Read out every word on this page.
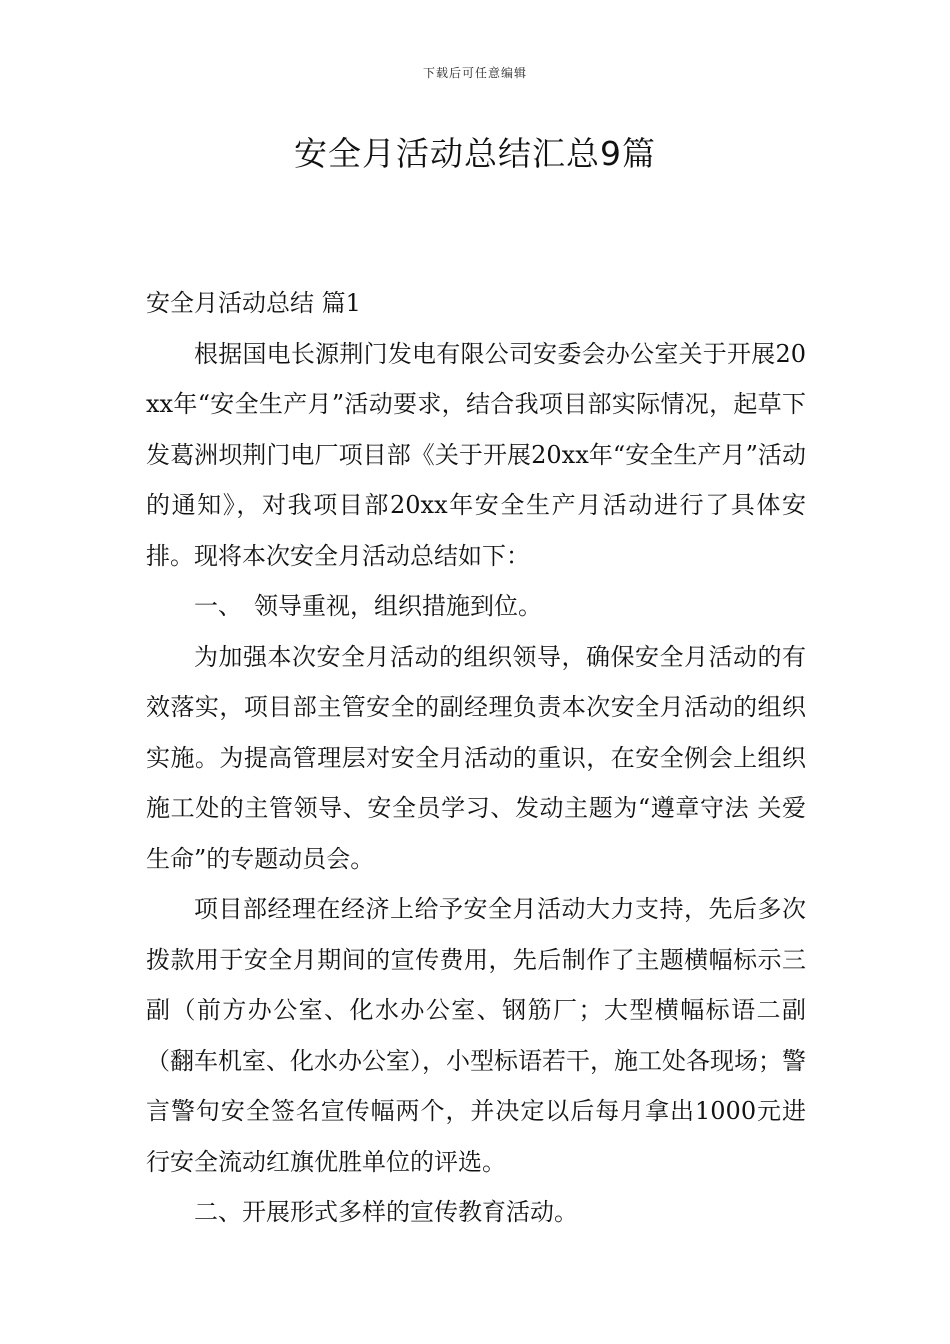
下载后可任意编辑
安全月活动总结汇总9篇

安全月活动总结 篇1

根据国电长源荆门发电有限公司安委会办公室关于开展20xx年“安全生产月”活动要求，结合我项目部实际情况，起草下发葛洲坝荆门电厂项目部《关于开展20xx年“安全生产月”活动的通知》，对我项目部20xx年安全生产月活动进行了具体安排。现将本次安全月活动总结如下：

一、　领导重视，组织措施到位。

为加强本次安全月活动的组织领导，确保安全月活动的有效落实，项目部主管安全的副经理负责本次安全月活动的组织实施。为提高管理层对安全月活动的重识，在安全例会上组织施工处的主管领导、安全员学习、发动主题为“遵章守法 关爱生命”的专题动员会。

项目部经理在经济上给予安全月活动大力支持，先后多次拨款用于安全月期间的宣传费用，先后制作了主题横幅标示三副（前方办公室、化水办公室、钢筋厂；大型横幅标语二副（翻车机室、化水办公室），小型标语若干，施工处各现场；警言警句安全签名宣传幅两个，并决定以后每月拿出1000元进行安全流动红旗优胜单位的评选。

二、开展形式多样的宣传教育活动。
